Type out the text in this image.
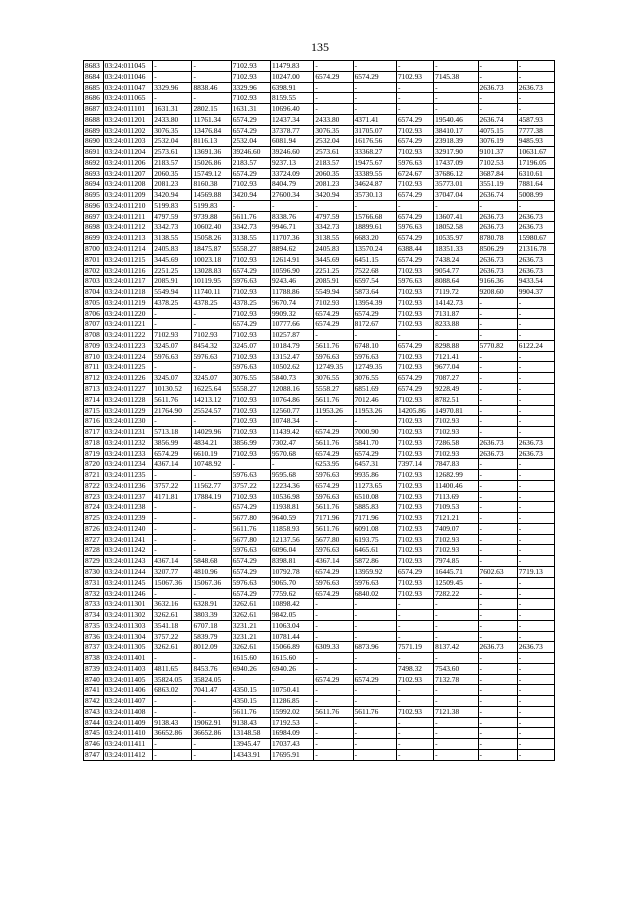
135
8683	03:24:011045	-	-	7102.93	11479.83	-	-	-	-	-	-
8684	03:24:011046	-	-	7102.93	10247.00	6574.29	6574.29	7102.93	7145.38	-	-
8685	03:24:011047	3329.96	8838.46	3329.96	6398.91	-	-	-	-	2636.73	2636.73
8686	03:24:011065	-	-	7102.93	8159.55	-	-	-	-	-	-
8687	03:24:011101	1631.31	2802.15	1631.31	10696.40	-	-	-	-	-	-
8688	03:24:011201	2433.80	11761.34	6574.29	12437.34	2433.80	4371.41	6574.29	19540.46	2636.74	4587.93
8689	03:24:011202	3076.35	13476.84	6574.29	37378.77	3076.35	31705.07	7102.93	38410.17	4075.15	7777.38
8690	03:24:011203	2532.04	8116.13	2532.04	6081.94	2532.04	16176.56	6574.29	23918.39	3076.19	9485.93
8691	03:24:011204	2573.61	13691.36	39246.60	39246.60	2573.61	33368.27	7102.93	32917.90	9101.37	10631.67
8692	03:24:011206	2183.57	15026.86	2183.57	9237.13	2183.57	19475.67	5976.63	17437.09	7102.53	17196.05
8693	03:24:011207	2060.35	15749.12	6574.29	33724.09	2060.35	33389.55	6724.67	37686.12	3687.84	6310.61
8694	03:24:011208	2081.23	8160.38	7102.93	8404.79	2081.23	34624.87	7102.93	35773.01	3551.19	7881.64
8695	03:24:011209	3420.94	14569.88	3420.94	27600.34	3420.94	35730.13	6574.29	37047.04	2636.74	5008.99
8696	03:24:011210	5199.83	5199.83	-	-	-	-	-	-	-	-
8697	03:24:011211	4797.59	9739.88	5611.76	8338.76	4797.59	15766.68	6574.29	13607.41	2636.73	2636.73
8698	03:24:011212	3342.73	10602.40	3342.73	9946.71	3342.73	18899.61	5976.63	18052.58	2636.73	2636.73
8699	03:24:011213	3138.55	15058.26	3138.55	11707.36	3138.55	6683.20	6574.29	10535.97	8780.78	15980.67
8700	03:24:011214	2405.83	18475.87	5558.27	8894.62	2405.83	13570.24	6388.44	18351.33	8506.29	21316.78
8701	03:24:011215	3445.69	10023.18	7102.93	12614.91	3445.69	6451.15	6574.29	7438.24	2636.73	2636.73
8702	03:24:011216	2251.25	13028.83	6574.29	10596.90	2251.25	7522.68	7102.93	9054.77	2636.73	2636.73
8703	03:24:011217	2085.91	10119.95	5976.63	9243.46	2085.91	6597.54	5976.63	8088.64	9166.36	9433.54
8704	03:24:011218	5549.94	11740.11	7102.93	11788.86	5549.94	5873.64	7102.93	7119.72	9208.60	9904.37
8705	03:24:011219	4378.25	4378.25	4378.25	9670.74	7102.93	13954.39	7102.93	14142.73	-	-
8706	03:24:011220	-	-	7102.93	9909.32	6574.29	6574.29	7102.93	7131.87	-	-
8707	03:24:011221	-	-	6574.29	10777.66	6574.29	8172.67	7102.93	8233.88	-	-
8708	03:24:011222	7102.93	7102.93	7102.93	10257.87	-	-	-	-	-	-
8709	03:24:011223	3245.07	8454.32	3245.07	10184.79	5611.76	6748.10	6574.29	8298.88	5770.82	6122.24
8710	03:24:011224	5976.63	5976.63	7102.93	13152.47	5976.63	5976.63	7102.93	7121.41	-	-
8711	03:24:011225	-	-	5976.63	10502.62	12749.35	12749.35	7102.93	9677.04	-	-
8712	03:24:011226	3245.07	3245.07	3076.55	5840.73	3076.55	3076.55	6574.29	7087.27	-	-
8713	03:24:011227	10130.52	16225.64	5558.27	12088.16	5558.27	6851.69	6574.29	9228.49	-	-
8714	03:24:011228	5611.76	14213.12	7102.93	10764.86	5611.76	7012.46	7102.93	8782.51	-	-
8715	03:24:011229	21764.90	25524.57	7102.93	12560.77	11953.26	11953.26	14205.86	14970.81	-	-
8716	03:24:011230	-	-	7102.93	10748.34	-	-	7102.93	7102.93	-	-
8717	03:24:011231	5713.18	14029.96	7102.93	11439.42	6574.29	7000.90	7102.93	7102.93	-	-
8718	03:24:011232	3856.99	4834.21	3856.99	7302.47	5611.76	5841.70	7102.93	7286.58	2636.73	2636.73
8719	03:24:011233	6574.29	6610.19	7102.93	9570.68	6574.29	6574.29	7102.93	7102.93	2636.73	2636.73
8720	03:24:011234	4367.14	10748.92	-	-	6253.95	6457.31	7397.14	7847.83	-	-
8721	03:24:011235	-	-	5976.63	9595.68	5976.63	9935.86	7102.93	12682.99	-	-
8722	03:24:011236	3757.22	11562.77	3757.22	12234.36	6574.29	11273.65	7102.93	11400.46	-	-
8723	03:24:011237	4171.81	17884.19	7102.93	10536.98	5976.63	6510.08	7102.93	7113.69	-	-
8724	03:24:011238	-	-	6574.29	11938.81	5611.76	5885.83	7102.93	7109.53	-	-
8725	03:24:011239	-	-	5677.80	9640.59	7171.96	7171.96	7102.93	7121.21	-	-
8726	03:24:011240	-	-	5611.76	11858.93	5611.76	6091.08	7102.93	7409.07	-	-
8727	03:24:011241	-	-	5677.80	12137.56	5677.80	6193.75	7102.93	7102.93	-	-
8728	03:24:011242	-	-	5976.63	6096.04	5976.63	6465.61	7102.93	7102.93	-	-
8729	03:24:011243	4367.14	5848.68	6574.29	8398.81	4367.14	5872.86	7102.93	7974.85	-	-
8730	03:24:011244	3207.77	4810.96	6574.29	10792.78	6574.29	13959.92	6574.29	16445.71	7602.63	7719.13
8731	03:24:011245	15067.36	15067.36	5976.63	9065.70	5976.63	5976.63	7102.93	12509.45	-	-
8732	03:24:011246	-	-	6574.29	7759.62	6574.29	6840.02	7102.93	7282.22	-	-
8733	03:24:011301	3632.16	6328.91	3262.61	10898.42	-	-	-	-	-	-
8734	03:24:011302	3262.61	3803.39	3262.61	9842.05	-	-	-	-	-	-
8735	03:24:011303	3541.18	6707.18	3231.21	11063.04	-	-	-	-	-	-
8736	03:24:011304	3757.22	5839.79	3231.21	10781.44	-	-	-	-	-	-
8737	03:24:011305	3262.61	8012.09	3262.61	15066.89	6309.33	6873.96	7571.19	8137.42	2636.73	2636.73
8738	03:24:011401	-	-	1615.60	1615.60	-	-	-	-	-	-
8739	03:24:011403	4811.65	8453.76	6940.26	6940.26	-	-	7498.32	7543.60	-	-
8740	03:24:011405	35824.05	35824.05	-	-	6574.29	6574.29	7102.93	7132.78	-	-
8741	03:24:011406	6863.02	7041.47	4350.15	10750.41	-	-	-	-	-	-
8742	03:24:011407	-	-	4350.15	11286.85	-	-	-	-	-	-
8743	03:24:011408	-	-	5611.76	15992.02	5611.76	5611.76	7102.93	7121.38	-	-
8744	03:24:011409	9138.43	19062.91	9138.43	17192.53	-	-	-	-	-	-
8745	03:24:011410	36652.86	36652.86	13148.58	16984.09	-	-	-	-	-	-
8746	03:24:011411	-	-	13945.47	17037.43	-	-	-	-	-	-
8747	03:24:011412	-	-	14343.91	17695.91	-	-	-	-	-	-
